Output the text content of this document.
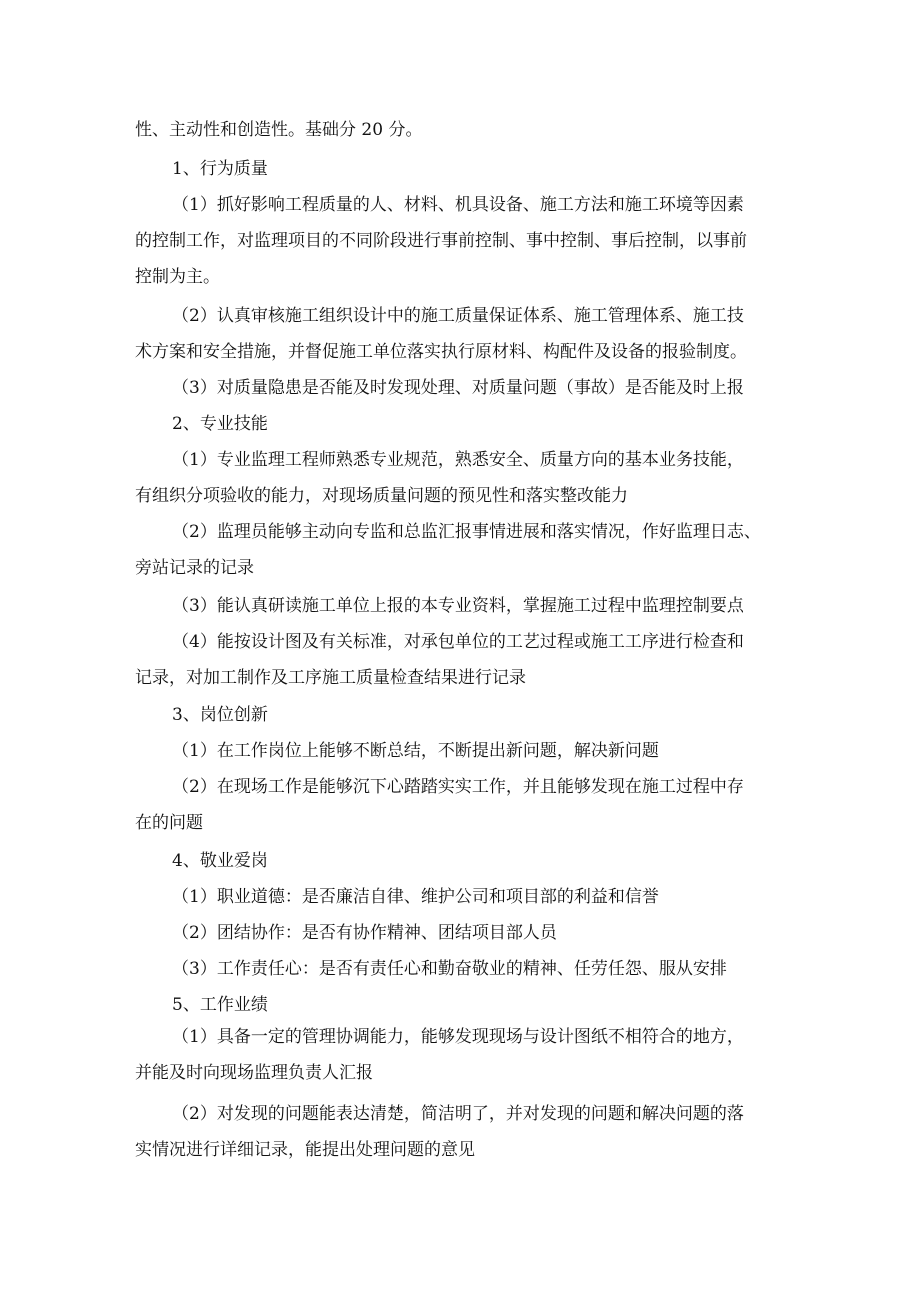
性、主动性和创造性。基础分 20 分。

1、行为质量

（1）抓好影响工程质量的人、材料、机具设备、施工方法和施工环境等因素

的控制工作，对监理项目的不同阶段进行事前控制、事中控制、事后控制，以事前

控制为主。

（2）认真审核施工组织设计中的施工质量保证体系、施工管理体系、施工技

术方案和安全措施，并督促施工单位落实执行原材料、构配件及设备的报验制度。

（3）对质量隐患是否能及时发现处理、对质量问题（事故）是否能及时上报

2、专业技能

（1）专业监理工程师熟悉专业规范，熟悉安全、质量方向的基本业务技能，

有组织分项验收的能力，对现场质量问题的预见性和落实整改能力

（2）监理员能够主动向专监和总监汇报事情进展和落实情况，作好监理日志、

旁站记录的记录

（3）能认真研读施工单位上报的本专业资料，掌握施工过程中监理控制要点

（4）能按设计图及有关标准，对承包单位的工艺过程或施工工序进行检查和

记录，对加工制作及工序施工质量检查结果进行记录

3、岗位创新

（1）在工作岗位上能够不断总结，不断提出新问题，解决新问题

（2）在现场工作是能够沉下心踏踏实实工作，并且能够发现在施工过程中存

在的问题

4、敬业爱岗

（1）职业道德：是否廉洁自律、维护公司和项目部的利益和信誉

（2）团结协作：是否有协作精神、团结项目部人员

（3）工作责任心：是否有责任心和勤奋敬业的精神、任劳任怨、服从安排

5、工作业绩

（1）具备一定的管理协调能力，能够发现现场与设计图纸不相符合的地方，

并能及时向现场监理负责人汇报

（2）对发现的问题能表达清楚，简洁明了，并对发现的问题和解决问题的落

实情况进行详细记录，能提出处理问题的意见
